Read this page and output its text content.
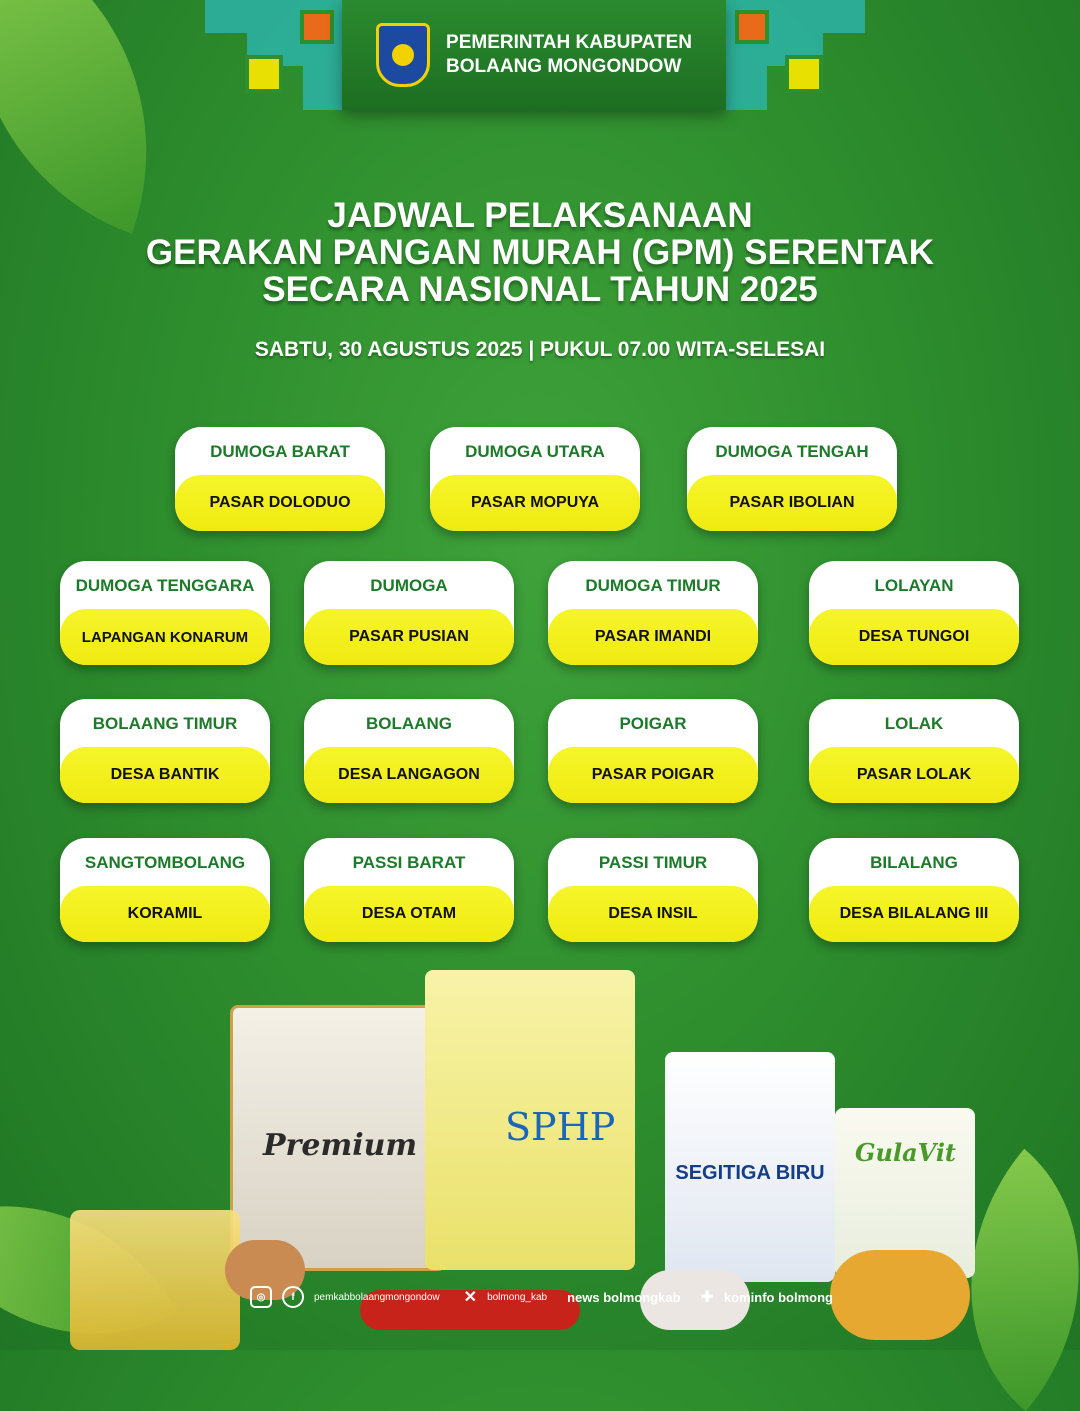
PEMERINTAH KABUPATEN
BOLAANG MONGONDOW
JADWAL PELAKSANAAN
GERAKAN PANGAN MURAH (GPM) SERENTAK
SECARA NASIONAL TAHUN 2025
SABTU, 30 AGUSTUS 2025 | PUKUL 07.00 WITA-SELESAI
DUMOGA BARAT
PASAR DOLODUO
DUMOGA UTARA
PASAR MOPUYA
DUMOGA TENGAH
PASAR IBOLIAN
DUMOGA TENGGARA
LAPANGAN KONARUM
DUMOGA
PASAR PUSIAN
DUMOGA TIMUR
PASAR IMANDI
LOLAYAN
DESA TUNGOI
BOLAANG TIMUR
DESA BANTIK
BOLAANG
DESA LANGAGON
POIGAR
PASAR POIGAR
LOLAK
PASAR LOLAK
SANGTOMBOLANG
KORAMIL
PASSI BARAT
DESA OTAM
PASSI TIMUR
DESA INSIL
BILALANG
DESA BILALANG III
Premium SPHP
SEGITIGA BIRU
GulaVit
◎	f	pemkabbolaangmongondow ✕ bolmong_kab news bolmongkab ✚ kominfo bolmong
